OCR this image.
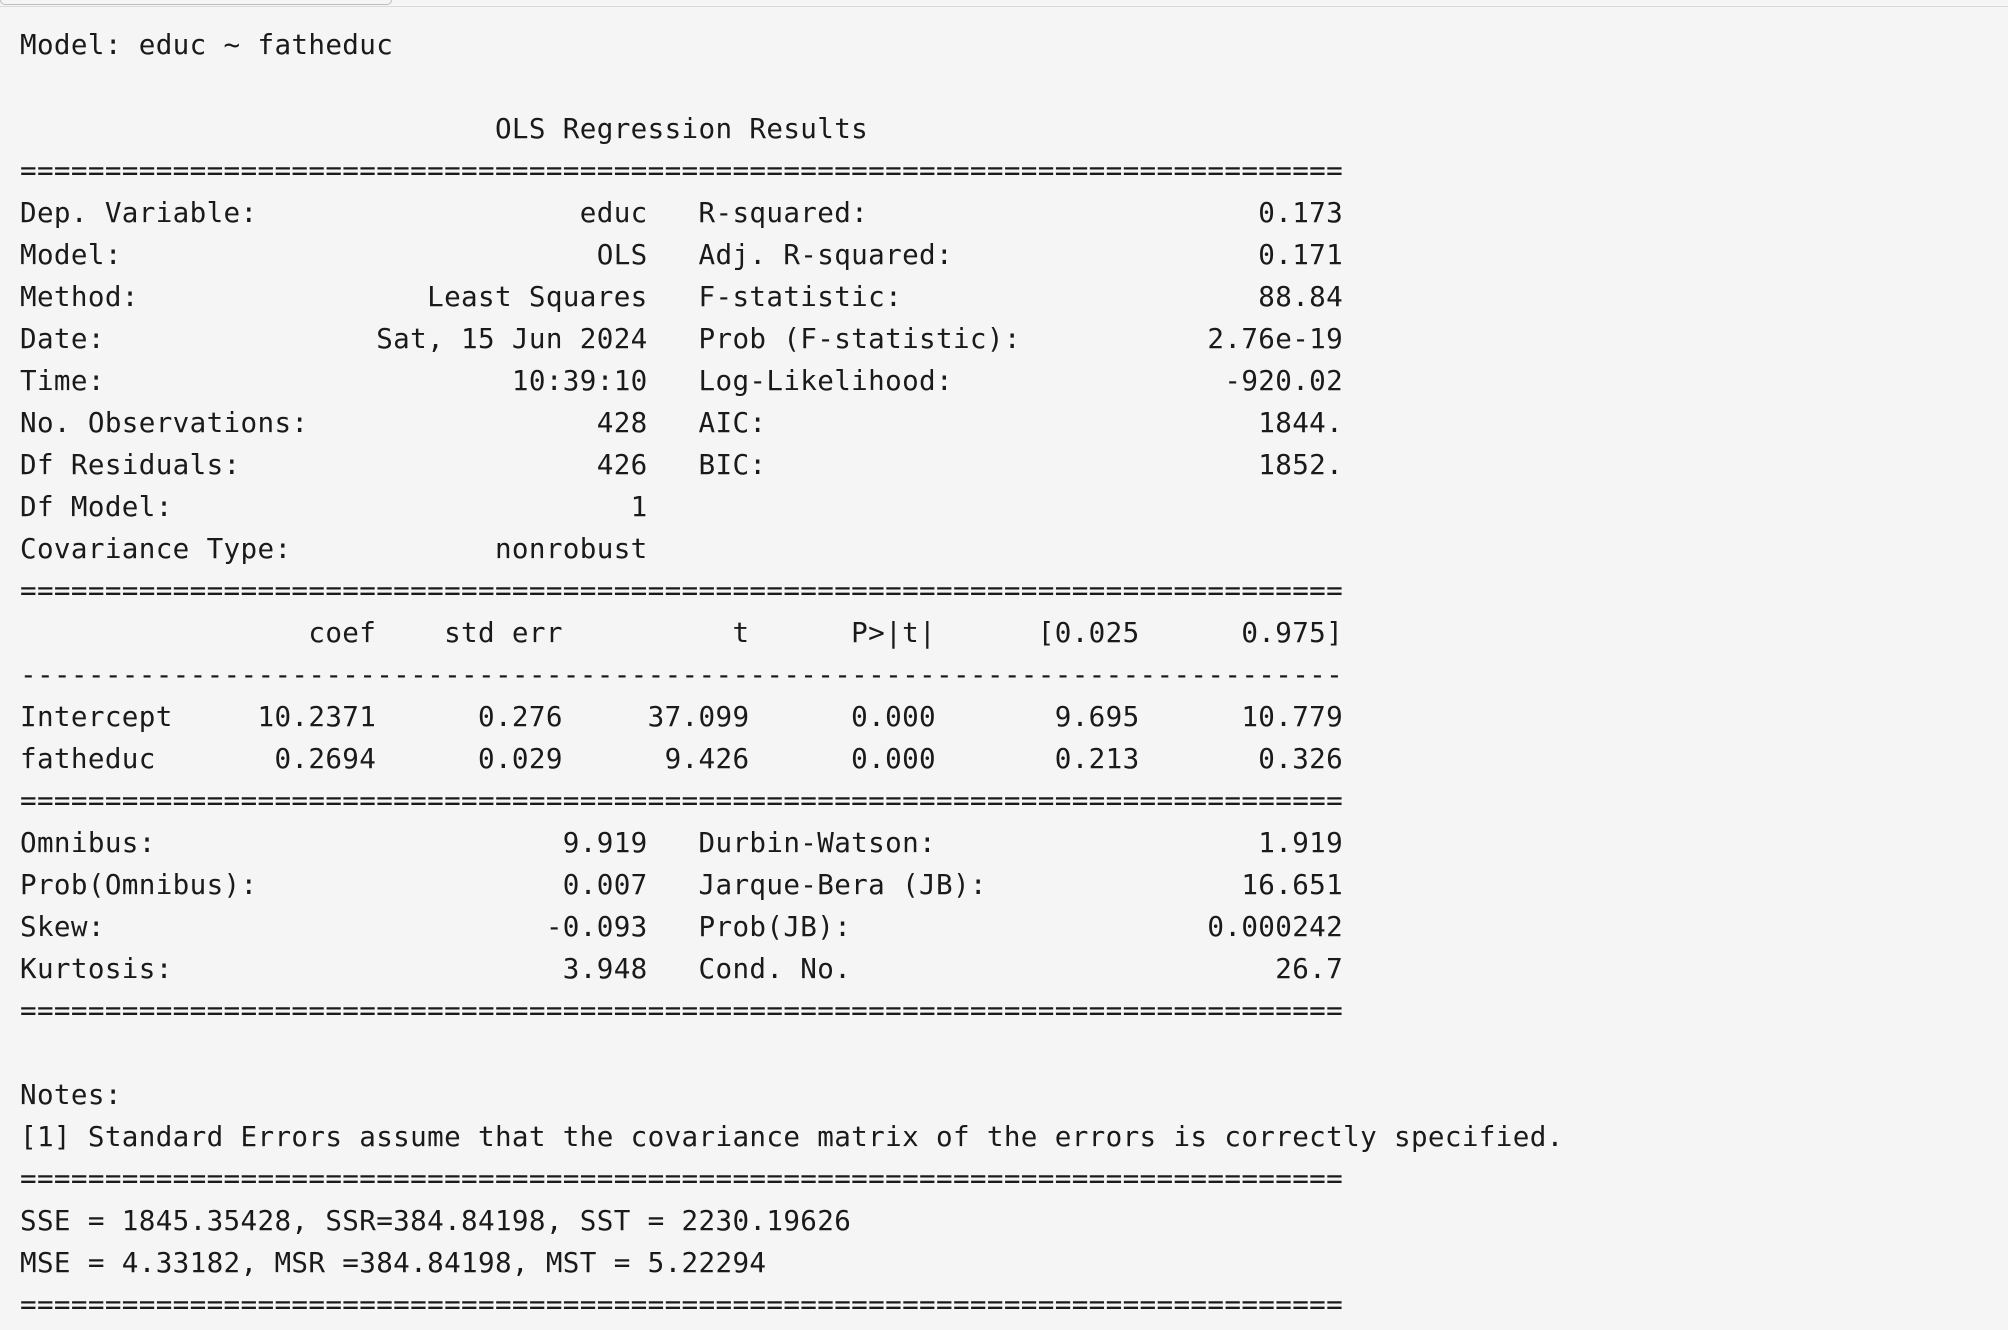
Model: educ ~ fatheduc
OLS Regression Results
==============================================================================
Dep. Variable:                   educ   R-squared:                       0.173
Model:                            OLS   Adj. R-squared:                  0.171
Method:                 Least Squares   F-statistic:                     88.84
Date:                Sat, 15 Jun 2024   Prob (F-statistic):           2.76e-19
Time:                        10:39:10   Log-Likelihood:                -920.02
No. Observations:                 428   AIC:                             1844.
Df Residuals:                     426   BIC:                             1852.
Df Model:                           1
Covariance Type:            nonrobust
==============================================================================
coef    std err          t      P>|t|      [0.025      0.975]
------------------------------------------------------------------------------
Intercept     10.2371      0.276     37.099      0.000       9.695      10.779
fatheduc       0.2694      0.029      9.426      0.000       0.213       0.326
==============================================================================
Omnibus:                        9.919   Durbin-Watson:                   1.919
Prob(Omnibus):                  0.007   Jarque-Bera (JB):               16.651
Skew:                          -0.093   Prob(JB):                     0.000242
Kurtosis:                       3.948   Cond. No.                         26.7
==============================================================================
Notes:
[1] Standard Errors assume that the covariance matrix of the errors is correctly specified.
==============================================================================
SSE = 1845.35428, SSR=384.84198, SST = 2230.19626
MSE = 4.33182, MSR =384.84198, MST = 5.22294
==============================================================================
